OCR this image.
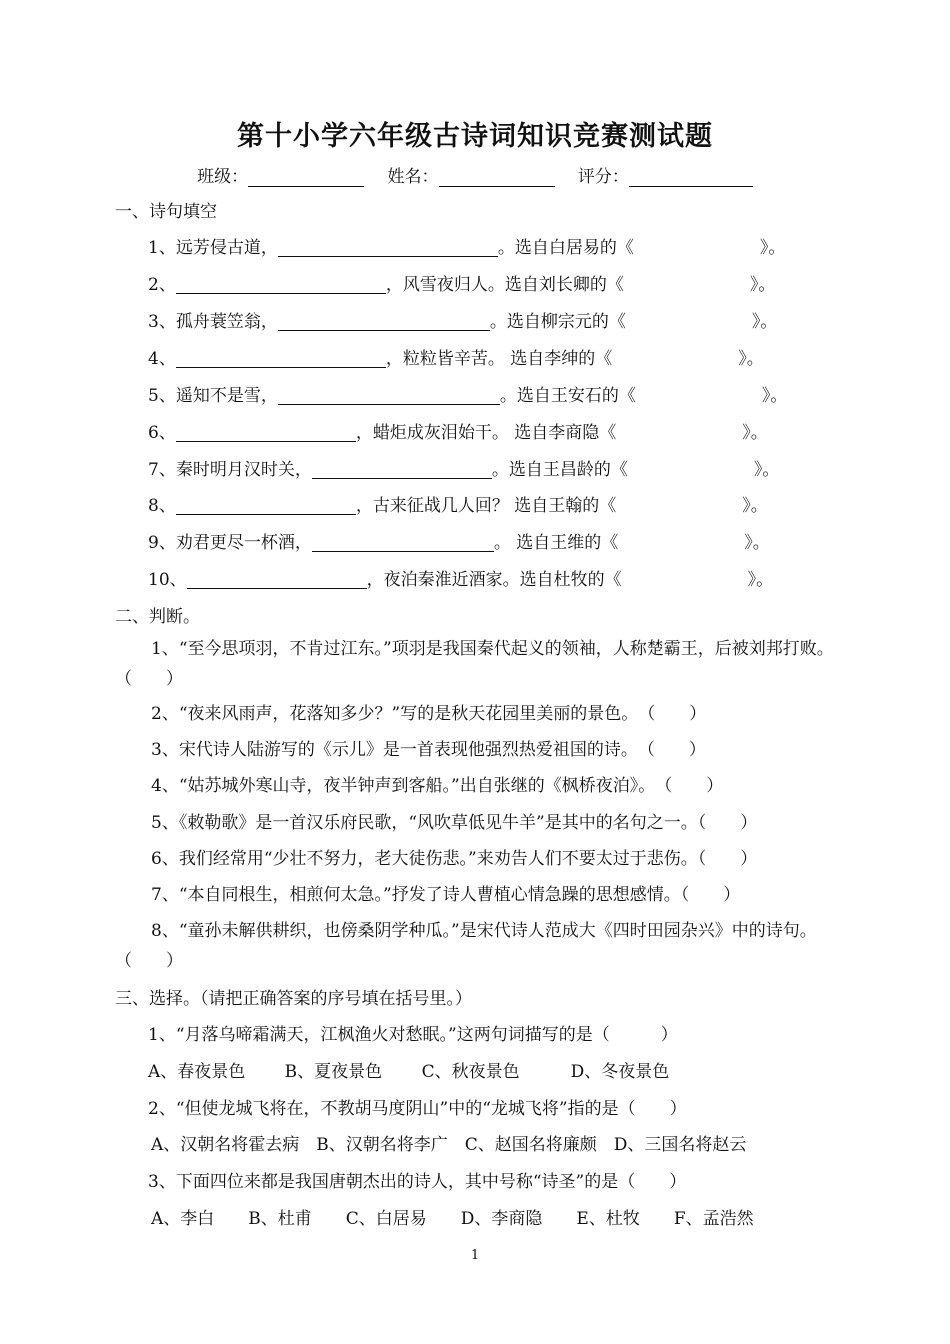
第十小学六年级古诗词知识竞赛测试题
班级：	姓名：	评分：
一、诗句填空
1、远芳侵古道，	。选自白居易的《	》。
2、	，风雪夜归人。选自刘长卿的《	》。
3、孤舟蓑笠翁，	。选自柳宗元的《	》。
4、	，粒粒皆辛苦。 选自李绅的《	》。
5、遥知不是雪，	。选自王安石的《	》。
6、	，蜡炬成灰泪始干。 选自李商隐《	》。
7、秦时明月汉时关，	。选自王昌龄的《	》。
8、	，古来征战几人回？ 选自王翰的《	》。
9、劝君更尽一杯酒，	。 选自王维的《	》。
10、	，夜泊秦淮近酒家。选自杜牧的《	》。
二、判断。
1、“至今思项羽，不肯过江东。”项羽是我国秦代起义的领袖，人称楚霸王，后被刘邦打败。（　　）
2、“夜来风雨声，花落知多少？”写的是秋天花园里美丽的景色。　（　　）
3、宋代诗人陆游写的《示儿》是一首表现他强烈热爱祖国的诗。　（　　）
4、“姑苏城外寒山寺，夜半钟声到客船。”出自张继的《枫桥夜泊》。　（　　）
5、《敕勒歌》是一首汉乐府民歌，“风吹草低见牛羊”是其中的名句之一。（　　）
6、我们经常用“少壮不努力，老大徒伤悲。”来劝告人们不要太过于悲伤。（　　）
7、“本自同根生，相煎何太急。”抒发了诗人曹植心情急躁的思想感情。（　　）
8、“童孙未解供耕织，也傍桑阴学种瓜。”是宋代诗人范成大《四时田园杂兴》中的诗句。（　　）
三、选择。（请把正确答案的序号填在括号里。）
1、“月落乌啼霜满天，江枫渔火对愁眠。”这两句词描写的是（　　　）
A、春夜景色　　 B、夏夜景色　　 C、秋夜景色　　　D、冬夜景色
2、“但使龙城飞将在，不教胡马度阴山”中的“龙城飞将”指的是（　　）
A、汉朝名将霍去病　B、汉朝名将李广　C、赵国名将廉颇　D、三国名将赵云
3、下面四位来都是我国唐朝杰出的诗人，其中号称“诗圣”的是（　　）
A、李白　　B、杜甫　　C、白居易　　D、李商隐　　E、杜牧　　F、孟浩然
1
